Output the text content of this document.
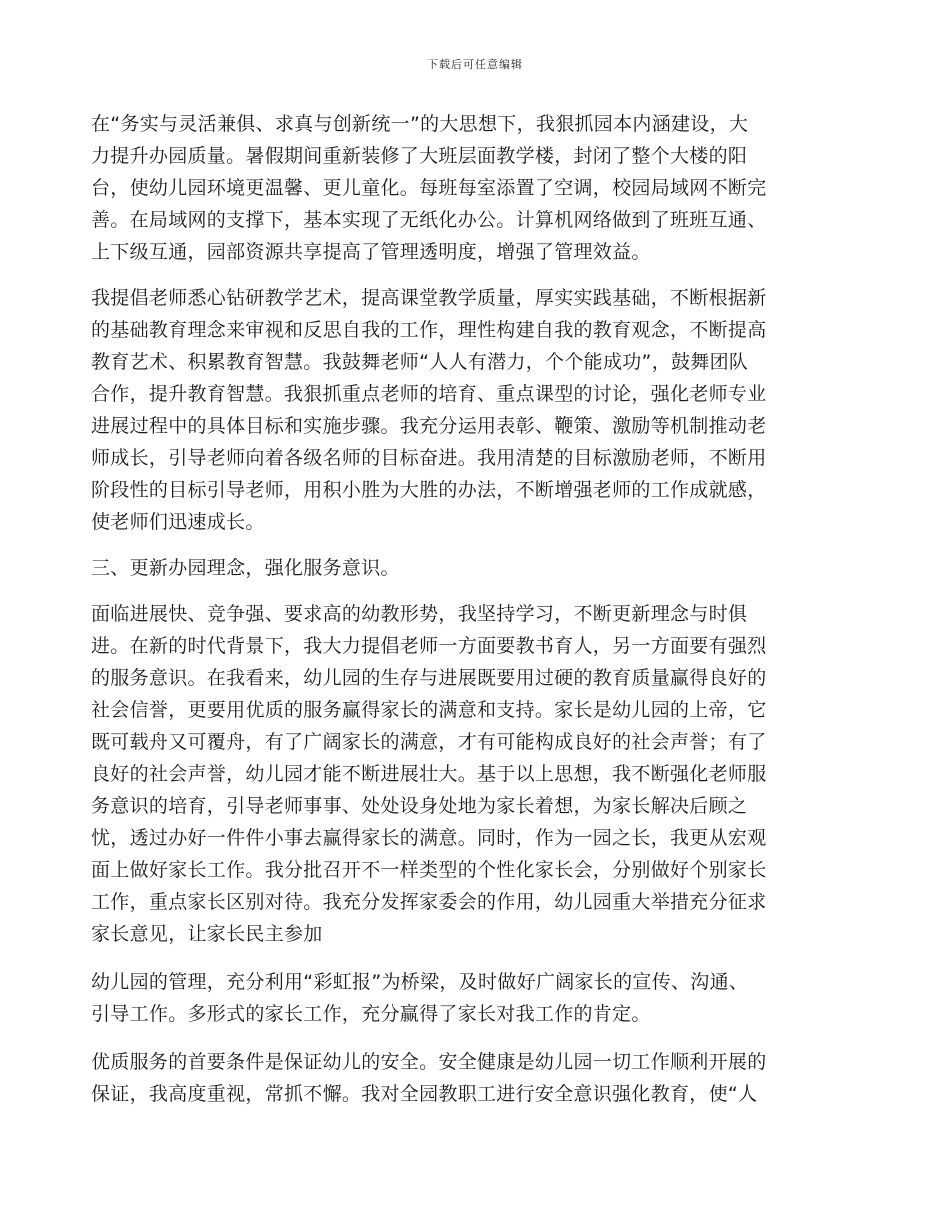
下载后可任意编辑

在“务实与灵活兼俱、求真与创新统一”的大思想下，我狠抓园本内涵建设，大
力提升办园质量。暑假期间重新装修了大班层面教学楼，封闭了整个大楼的阳
台，使幼儿园环境更温馨、更儿童化。每班每室添置了空调，校园局域网不断完
善。在局域网的支撑下，基本实现了无纸化办公。计算机网络做到了班班互通、
上下级互通，园部资源共享提高了管理透明度，增强了管理效益。

我提倡老师悉心钻研教学艺术，提高课堂教学质量，厚实实践基础，不断根据新
的基础教育理念来审视和反思自我的工作，理性构建自我的教育观念，不断提高
教育艺术、积累教育智慧。我鼓舞老师“人人有潜力，个个能成功”，鼓舞团队
合作，提升教育智慧。我狠抓重点老师的培育、重点课型的讨论，强化老师专业
进展过程中的具体目标和实施步骤。我充分运用表彰、鞭策、激励等机制推动老
师成长，引导老师向着各级名师的目标奋进。我用清楚的目标激励老师，不断用
阶段性的目标引导老师，用积小胜为大胜的办法，不断增强老师的工作成就感，
使老师们迅速成长。

三、更新办园理念，强化服务意识。

面临进展快、竞争强、要求高的幼教形势，我坚持学习，不断更新理念与时俱
进。在新的时代背景下，我大力提倡老师一方面要教书育人，另一方面要有强烈
的服务意识。在我看来，幼儿园的生存与进展既要用过硬的教育质量赢得良好的
社会信誉，更要用优质的服务赢得家长的满意和支持。家长是幼儿园的上帝，它
既可载舟又可覆舟，有了广阔家长的满意，才有可能构成良好的社会声誉；有了
良好的社会声誉，幼儿园才能不断进展壮大。基于以上思想，我不断强化老师服
务意识的培育，引导老师事事、处处设身处地为家长着想，为家长解决后顾之
忧，透过办好一件件小事去赢得家长的满意。同时，作为一园之长，我更从宏观
面上做好家长工作。我分批召开不一样类型的个性化家长会，分别做好个别家长
工作，重点家长区别对待。我充分发挥家委会的作用，幼儿园重大举措充分征求
家长意见，让家长民主参加

幼儿园的管理，充分利用“彩虹报”为桥梁，及时做好广阔家长的宣传、沟通、
引导工作。多形式的家长工作，充分赢得了家长对我工作的肯定。

优质服务的首要条件是保证幼儿的安全。安全健康是幼儿园一切工作顺利开展的
保证，我高度重视，常抓不懈。我对全园教职工进行安全意识强化教育，使“人
